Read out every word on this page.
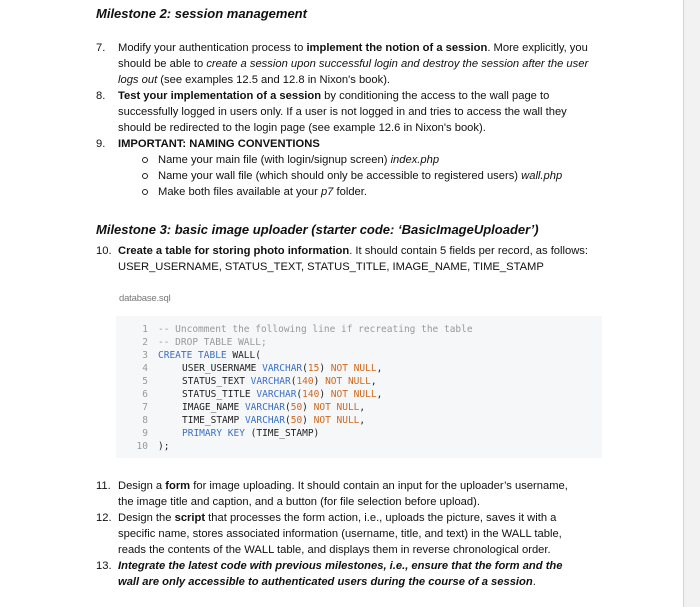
Milestone 2: session management
7. Modify your authentication process to implement the notion of a session. More explicitly, you should be able to create a session upon successful login and destroy the session after the user logs out (see examples 12.5 and 12.8 in Nixon's book).
8. Test your implementation of a session by conditioning the access to the wall page to successfully logged in users only. If a user is not logged in and tries to access the wall they should be redirected to the login page (see example 12.6 in Nixon's book).
9. IMPORTANT: NAMING CONVENTIONS
Name your main file (with login/signup screen) index.php
Name your wall file (which should only be accessible to registered users) wall.php
Make both files available at your p7 folder.
Milestone 3: basic image uploader (starter code: ‘BasicImageUploader’)
10. Create a table for storing photo information. It should contain 5 fields per record, as follows: USER_USERNAME, STATUS_TEXT, STATUS_TITLE, IMAGE_NAME, TIME_STAMP
database.sql
1 -- Uncomment the following line if recreating the table
2 -- DROP TABLE WALL;
3 CREATE TABLE WALL(
4	USER_USERNAME VARCHAR(15) NOT NULL,
5	STATUS_TEXT VARCHAR(140) NOT NULL,
6	STATUS_TITLE VARCHAR(140) NOT NULL,
7	IMAGE_NAME VARCHAR(50) NOT NULL,
8	TIME_STAMP VARCHAR(50) NOT NULL,
9	PRIMARY KEY (TIME_STAMP)
10 );
11. Design a form for image uploading. It should contain an input for the uploader’s username, the image title and caption, and a button (for file selection before upload).
12. Design the script that processes the form action, i.e., uploads the picture, saves it with a specific name, stores associated information (username, title, and text) in the WALL table, reads the contents of the WALL table, and displays them in reverse chronological order.
13. Integrate the latest code with previous milestones, i.e., ensure that the form and the wall are only accessible to authenticated users during the course of a session.
